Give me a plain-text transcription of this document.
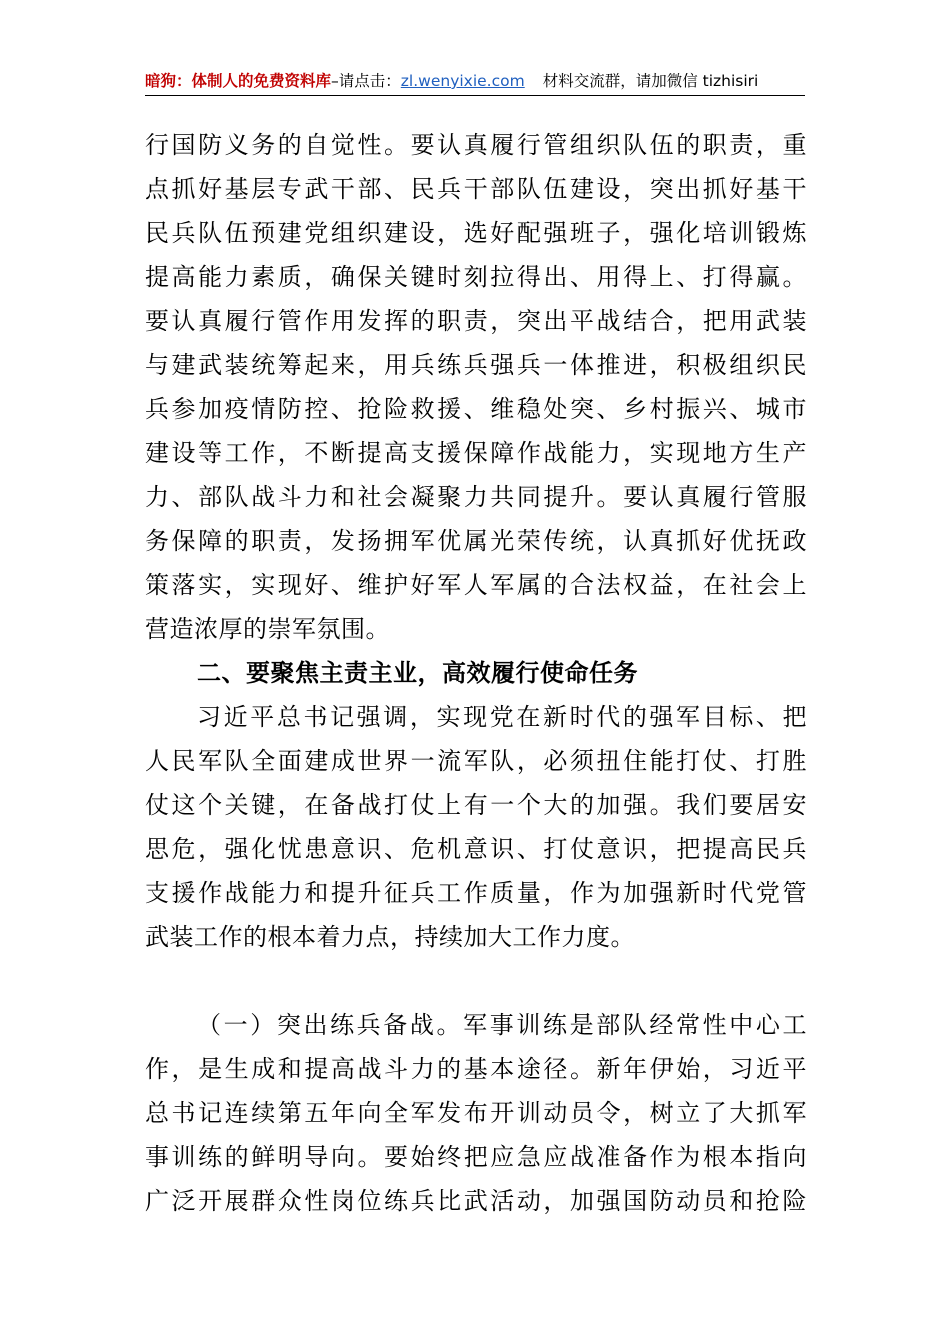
暗狗：体制人的免费资料库–请点击：zl.wenyixie.com 材料交流群，请加微信 tizhisiri
行国防义务的自觉性。要认真履行管组织队伍的职责，重
点抓好基层专武干部、民兵干部队伍建设，突出抓好基干
民兵队伍预建党组织建设，选好配强班子，强化培训锻炼
提高能力素质，确保关键时刻拉得出、用得上、打得赢。
要认真履行管作用发挥的职责，突出平战结合，把用武装
与建武装统筹起来，用兵练兵强兵一体推进，积极组织民
兵参加疫情防控、抢险救援、维稳处突、乡村振兴、城市
建设等工作，不断提高支援保障作战能力，实现地方生产
力、部队战斗力和社会凝聚力共同提升。要认真履行管服
务保障的职责，发扬拥军优属光荣传统，认真抓好优抚政
策落实，实现好、维护好军人军属的合法权益，在社会上
营造浓厚的崇军氛围。
二、要聚焦主责主业，高效履行使命任务
习近平总书记强调，实现党在新时代的强军目标、把
人民军队全面建成世界一流军队，必须扭住能打仗、打胜
仗这个关键，在备战打仗上有一个大的加强。我们要居安
思危，强化忧患意识、危机意识、打仗意识，把提高民兵
支援作战能力和提升征兵工作质量，作为加强新时代党管
武装工作的根本着力点，持续加大工作力度。
（一）突出练兵备战。军事训练是部队经常性中心工
作，是生成和提高战斗力的基本途径。新年伊始，习近平
总书记连续第五年向全军发布开训动员令，树立了大抓军
事训练的鲜明导向。要始终把应急应战准备作为根本指向
广泛开展群众性岗位练兵比武活动，加强国防动员和抢险
